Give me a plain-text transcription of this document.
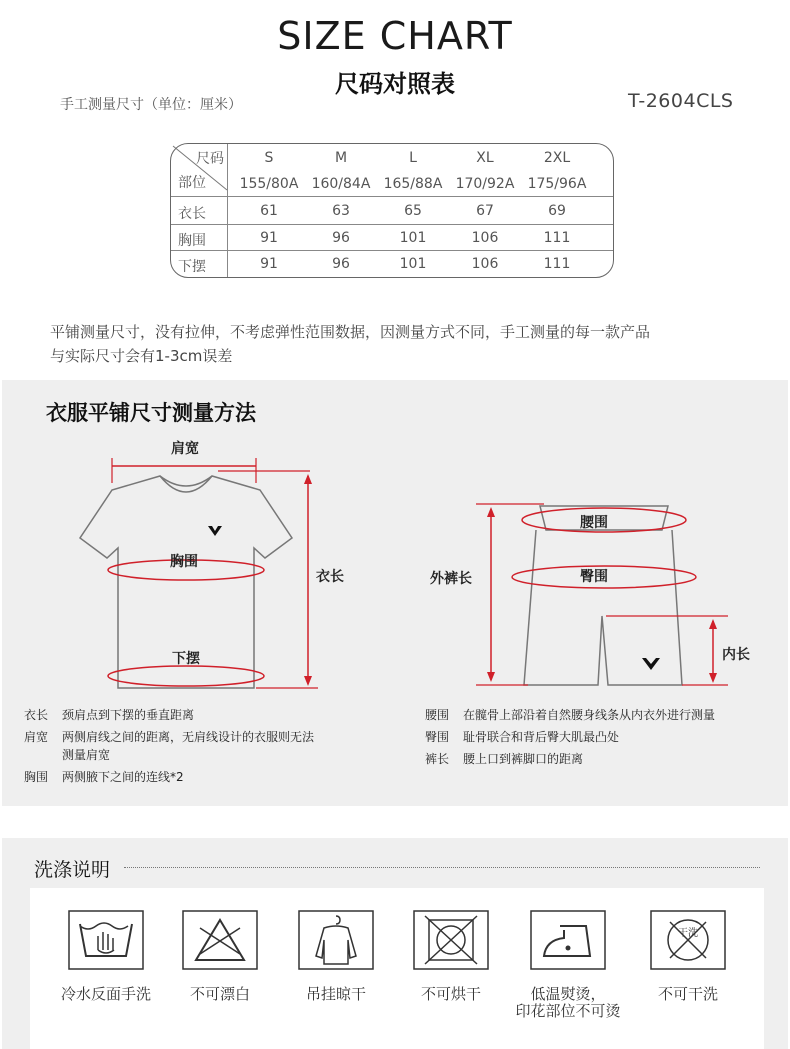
SIZE CHART
尺码对照表
手工测量尺寸（单位：厘米）	T-2604CLS
尺码
部位
S	M	L	XL	2XL
155/80A 160/84A 165/88A 170/92A 175/96A
衣长	61	63	65	67	69
胸围	91	96	101	106	111
下摆	91	96	101	106	111
平铺测量尺寸，没有拉伸，不考虑弹性范围数据，因测量方式不同，手工测量的每一款产品
与实际尺寸会有1-3cm误差
衣服平铺尺寸测量方法
肩宽
胸围
下摆
衣长
腰围
臀围
外裤长
内长
衣长 颈肩点到下摆的垂直距离
肩宽 两侧肩线之间的距离，无肩线设计的衣服则无法
测量肩宽
胸围 两侧腋下之间的连线*2
腰围 在髋骨上部沿着自然腰身线条从内衣外进行测量
臀围 耻骨联合和背后臀大肌最凸处
裤长 腰上口到裤脚口的距离
洗涤说明
干洗
冷水反面手洗	不可漂白	吊挂晾干	不可烘干	低温熨烫，
印花部位不可烫
不可干洗
